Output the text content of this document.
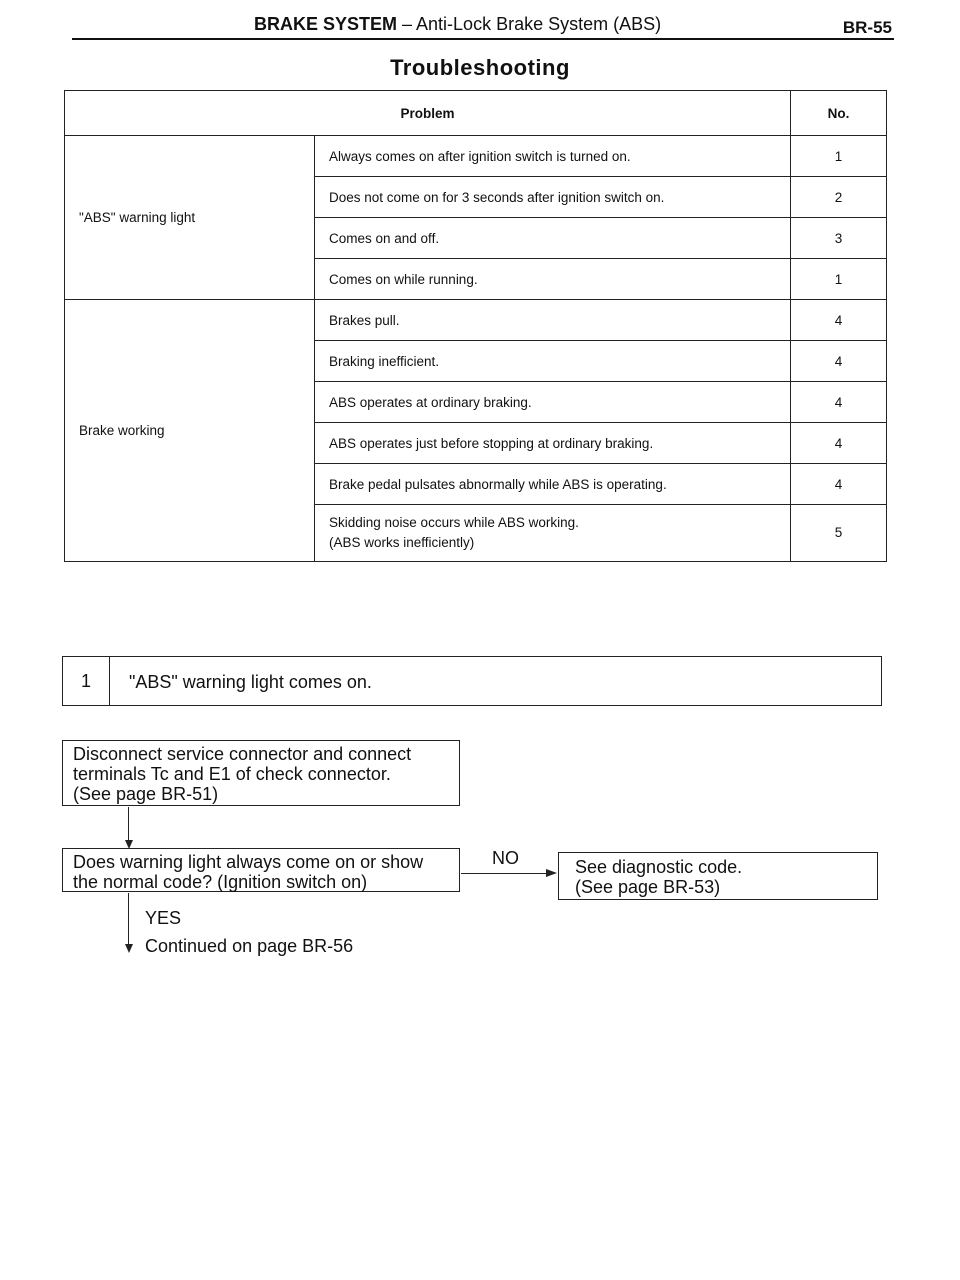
BRAKE SYSTEM – Anti-Lock Brake System (ABS)	BR-55
Troubleshooting
Problem		No.
"ABS" warning light	Always comes on after ignition switch is turned on.	1
	Does not come on for 3 seconds after ignition switch on.	2
	Comes on and off.	3
	Comes on while running.	1
Brake working	Brakes pull.	4
	Braking inefficient.	4
	ABS operates at ordinary braking.	4
	ABS operates just before stopping at ordinary braking.	4
	Brake pedal pulsates abnormally while ABS is operating.	4

	Skidding noise occurs while ABS working.
(ABS works inefficiently)	5
1	"ABS" warning light comes on.
Disconnect service connector and connect
terminals Tc and E1 of check connector.
(See page BR-51)
Does warning light always come on or show
the normal code? (Ignition switch on)
NO	See diagnostic code.
(See page BR-53)
YES
Continued on page BR-56
